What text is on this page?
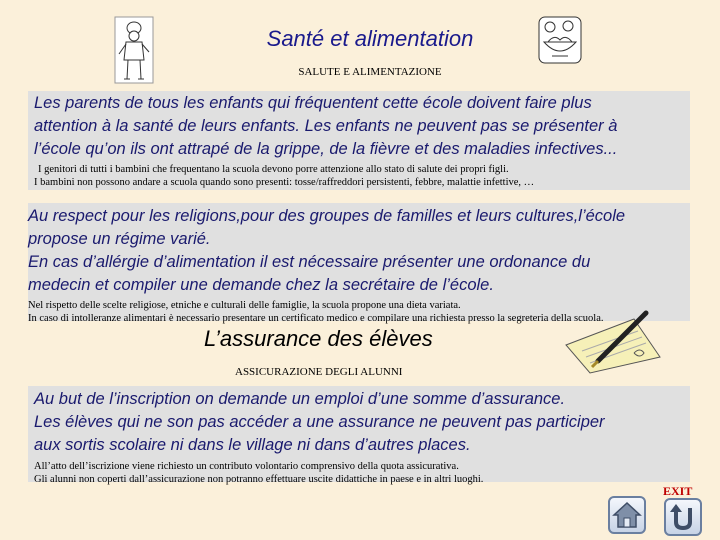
Santé et alimentation
SALUTE E ALIMENTAZIONE
Les parents de tous les enfants qui fréquentent cette école doivent faire plus
attention à la santé de leurs enfants. Les enfants ne peuvent pas se présenter à
l’école qu’on ils ont attrapé de la grippe, de la fièvre et des maladies infectives...
I genitori di tutti i bambini che frequentano la scuola devono porre attenzione allo stato di salute dei propri figli.
I bambini non possono andare a scuola quando sono presenti: tosse/raffreddori persistenti, febbre, malattie infettive, …
Au respect pour les religions,pour des groupes de familles et leurs cultures,l’école
propose un régime varié.
En cas d’allérgie d’alimentation il est nécessaire présenter une ordonance du
medecin et compiler une demande chez la secrétaire de l’école.
Nel rispetto delle scelte religiose, etniche e culturali delle famiglie, la scuola propone una dieta variata.
In caso di intolleranze alimentari è necessario presentare un certificato medico e compilare una richiesta presso la segreteria della scuola.
L’assurance des élèves
ASSICURAZIONE DEGLI ALUNNI
Au but de l’inscription on demande un emploi d’une somme d’assurance.
Les élèves qui ne son pas accéder a une assurance ne peuvent pas participer
aux sortis scolaire ni dans le village ni dans d’autres places.
All’atto dell’iscrizione viene richiesto un contributo volontario comprensivo della quota assicurativa.
Gli alunni non coperti dall’assicurazione non potranno effettuare uscite didattiche in paese e in altri luoghi.
EXIT
